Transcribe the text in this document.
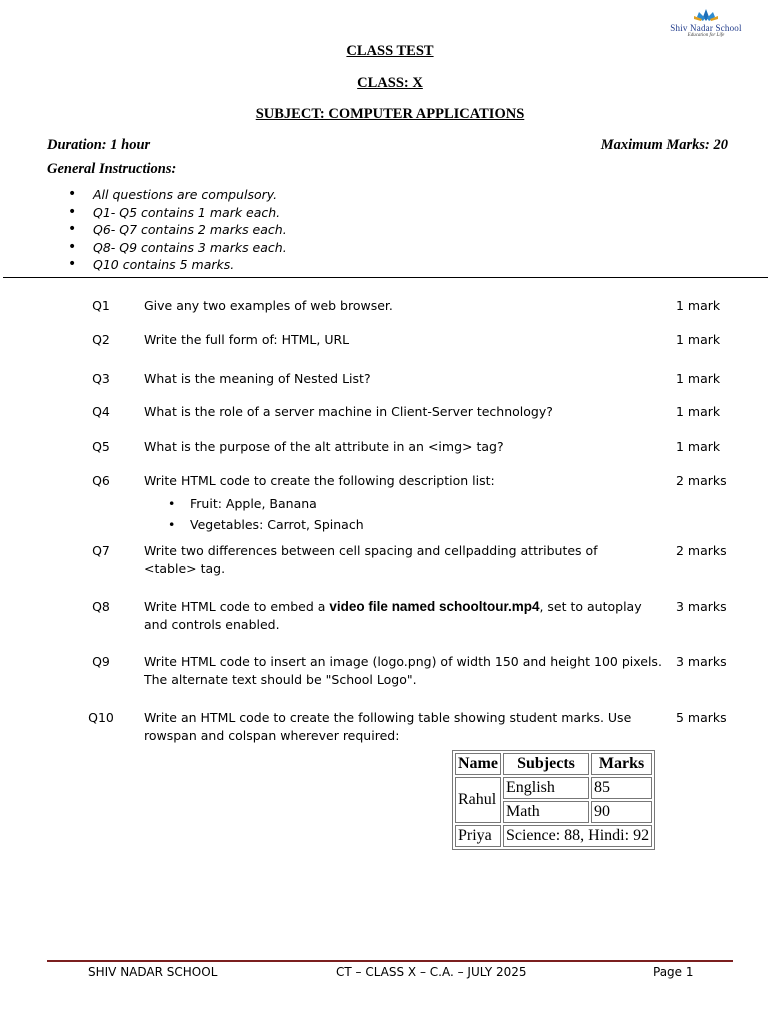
Shiv Nadar School
Education for Life
CLASS TEST
CLASS: X
SUBJECT: COMPUTER APPLICATIONS
Duration: 1 hour	Maximum Marks: 20
General Instructions:
• All questions are compulsory.
• Q1- Q5 contains 1 mark each.
• Q6- Q7 contains 2 marks each.
• Q8- Q9 contains 3 marks each.
• Q10 contains 5 marks.
Q1	Give any two examples of web browser.	1 mark
Q2	Write the full form of: HTML, URL	1 mark
Q3	What is the meaning of Nested List?	1 mark
Q4	What is the role of a server machine in Client-Server technology?	1 mark
Q5	What is the purpose of the alt attribute in an <img> tag?	1 mark
Q6	Write HTML code to create the following description list:
• Fruit: Apple, Banana
• Vegetables: Carrot, Spinach
2 marks
Q7	Write two differences between cell spacing and cellpadding attributes of <table> tag.
2 marks
Q8	Write HTML code to embed a video file named schooltour.mp4, set to autoplay and controls enabled.
3 marks
Q9	Write HTML code to insert an image (logo.png) of width 150 and height 100 pixels. The alternate text should be "School Logo".
3 marks
Q10 Write an HTML code to create the following table showing student marks. Use rowspan and colspan wherever required:
5 marks
Name	Subjects	Marks
Rahul	English	85
	Math	90
Priya	Science: 88, Hindi: 92	
SHIV NADAR SCHOOL	CT – CLASS X – C.A. – JULY 2025	Page 1
